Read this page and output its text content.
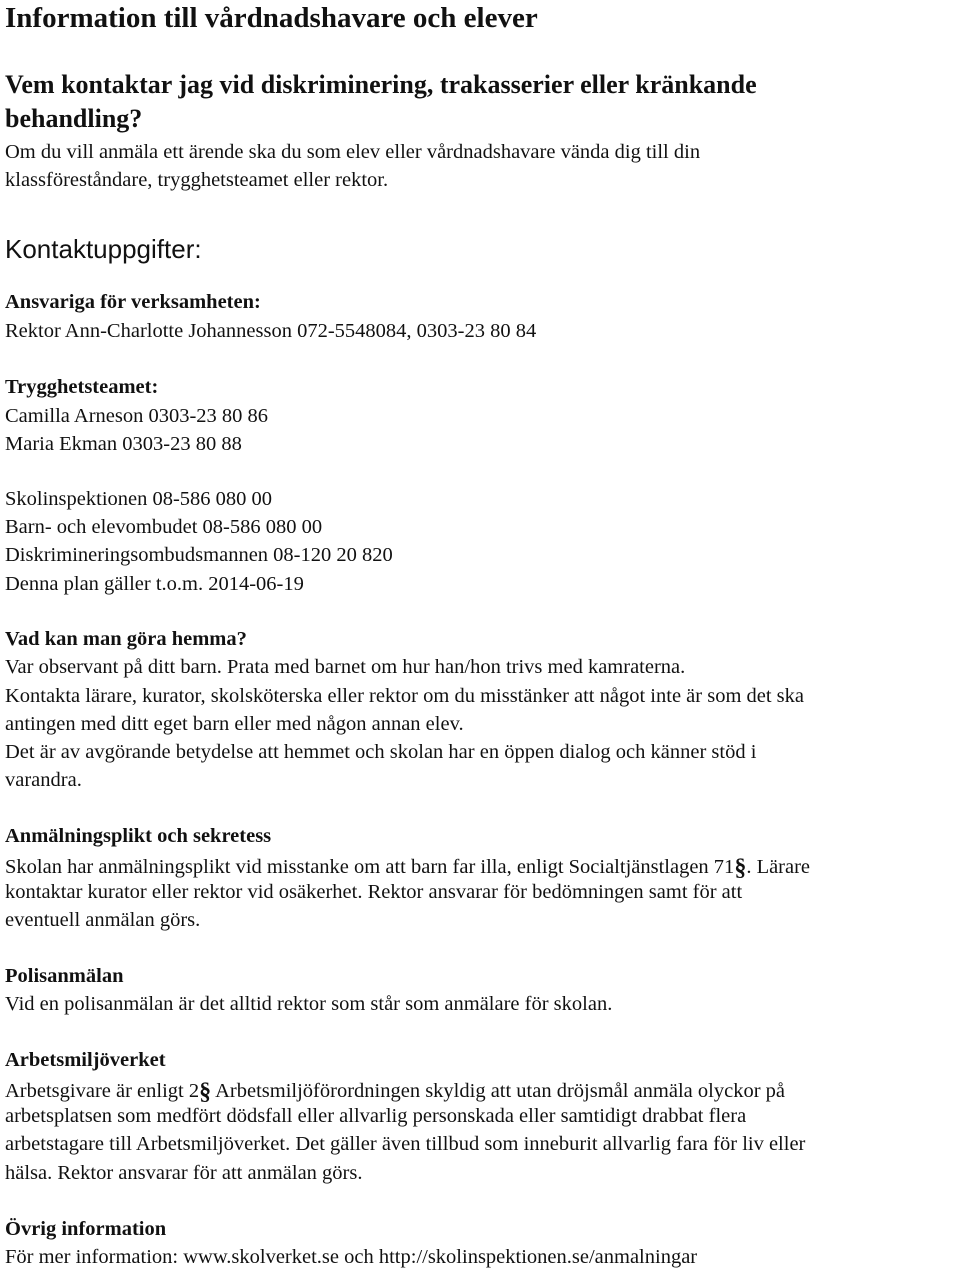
Information till vårdnadshavare och elever
Vem kontaktar jag vid diskriminering, trakasserier eller kränkande
behandling?
Om du vill anmäla ett ärende ska du som elev eller vårdnadshavare vända dig till din
klassföreståndare, trygghetsteamet eller rektor.
Kontaktuppgifter:
Ansvariga för verksamheten:
Rektor Ann-Charlotte Johannesson 072-5548084, 0303-23 80 84
Trygghetsteamet:
Camilla Arneson 0303-23 80 86
Maria Ekman 0303-23 80 88
Skolinspektionen 08-586 080 00
Barn- och elevombudet 08-586 080 00
Diskrimineringsombudsmannen 08-120 20 820
Denna plan gäller t.o.m. 2014-06-19
Vad kan man göra hemma?
Var observant på ditt barn. Prata med barnet om hur han/hon trivs med kamraterna.
Kontakta lärare, kurator, skolsköterska eller rektor om du misstänker att något inte är som det ska
antingen med ditt eget barn eller med någon annan elev.
Det är av avgörande betydelse att hemmet och skolan har en öppen dialog och känner stöd i
varandra.
Anmälningsplikt och sekretess
Skolan har anmälningsplikt vid misstanke om att barn far illa, enligt Socialtjänstlagen 71§. Lärare
kontaktar kurator eller rektor vid osäkerhet. Rektor ansvarar för bedömningen samt för att
eventuell anmälan görs.
Polisanmälan
Vid en polisanmälan är det alltid rektor som står som anmälare för skolan.
Arbetsmiljöverket
Arbetsgivare är enligt 2§ Arbetsmiljöförordningen skyldig att utan dröjsmål anmäla olyckor på
arbetsplatsen som medfört dödsfall eller allvarlig personskada eller samtidigt drabbat flera
arbetstagare till Arbetsmiljöverket. Det gäller även tillbud som inneburit allvarlig fara för liv eller
hälsa. Rektor ansvarar för att anmälan görs.
Övrig information
För mer information: www.skolverket.se och http://skolinspektionen.se/anmalningar
